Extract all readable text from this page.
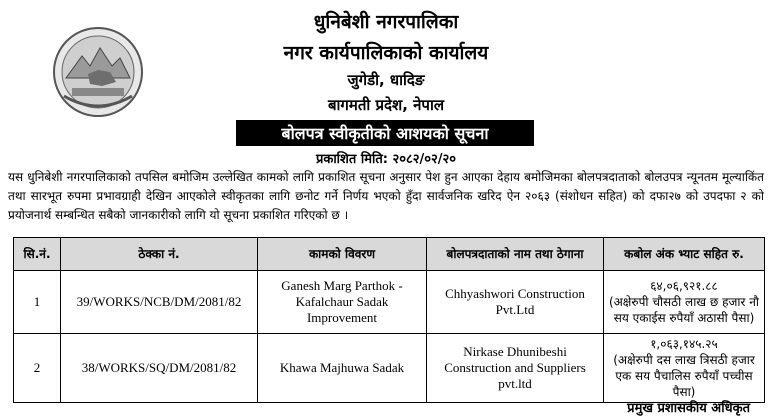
धुनिबेशी नगरपालिका
नगर कार्यपालिकाको कार्यालय
जुगेडी, धादिङ
बागमती प्रदेश, नेपाल
बोलपत्र स्वीकृतीको आशयको सूचना
प्रकाशित मिति: २०८२/०२/२०
यस धुनिबेशी नगरपालिकाको तपसिल बमोजिम उल्लेखित कामको लागि प्रकाशित सूचना अनुसार पेश हुन आएका देहाय बमोजिमका बोलपत्रदाताको बोलउपत्र न्यूनतम मूल्याकिंत तथा सारभूत रुपमा प्रभावग्राही देखिन आएकोले स्वीकृतका लागि छनोट गर्ने निर्णय भएको हुँदा सार्वजनिक खरिद ऐन २०६३ (संशोधन सहित) को दफा२७ को उपदफा २ को प्रयोजनार्थ सम्बन्धित सबैको जानकारीको लागि यो सूचना प्रकाशित गरिएको छ ।
सि.नं.	ठेक्का नं.	कामको विवरण	बोलपत्रदाताको नाम तथा ठेगाना	कबोल अंक भ्याट सहित रु.
1	39/WORKS/NCB/DM/2081/82	Ganesh Marg Parthok - Kafalchaur Sadak Improvement	Chhyashwori Construction Pvt.Ltd	६४,०६,९२१.८८
(अक्षेरुपी चौसठी लाख छ हजार नौ सय एकाईस रुपैयाँ अठासी पैसा)

2	38/WORKS/SQ/DM/2081/82	Khawa Majhuwa Sadak	Nirkase Dhunibeshi Construction and Suppliers pvt.ltd	१,०६३,१४५.२५
(अक्षेरुपी दस लाख त्रिसठी हजार एक सय पैचालिस रुपैयाँ पच्चीस पैसा)
प्रमुख प्रशासकीय अधिकृत
